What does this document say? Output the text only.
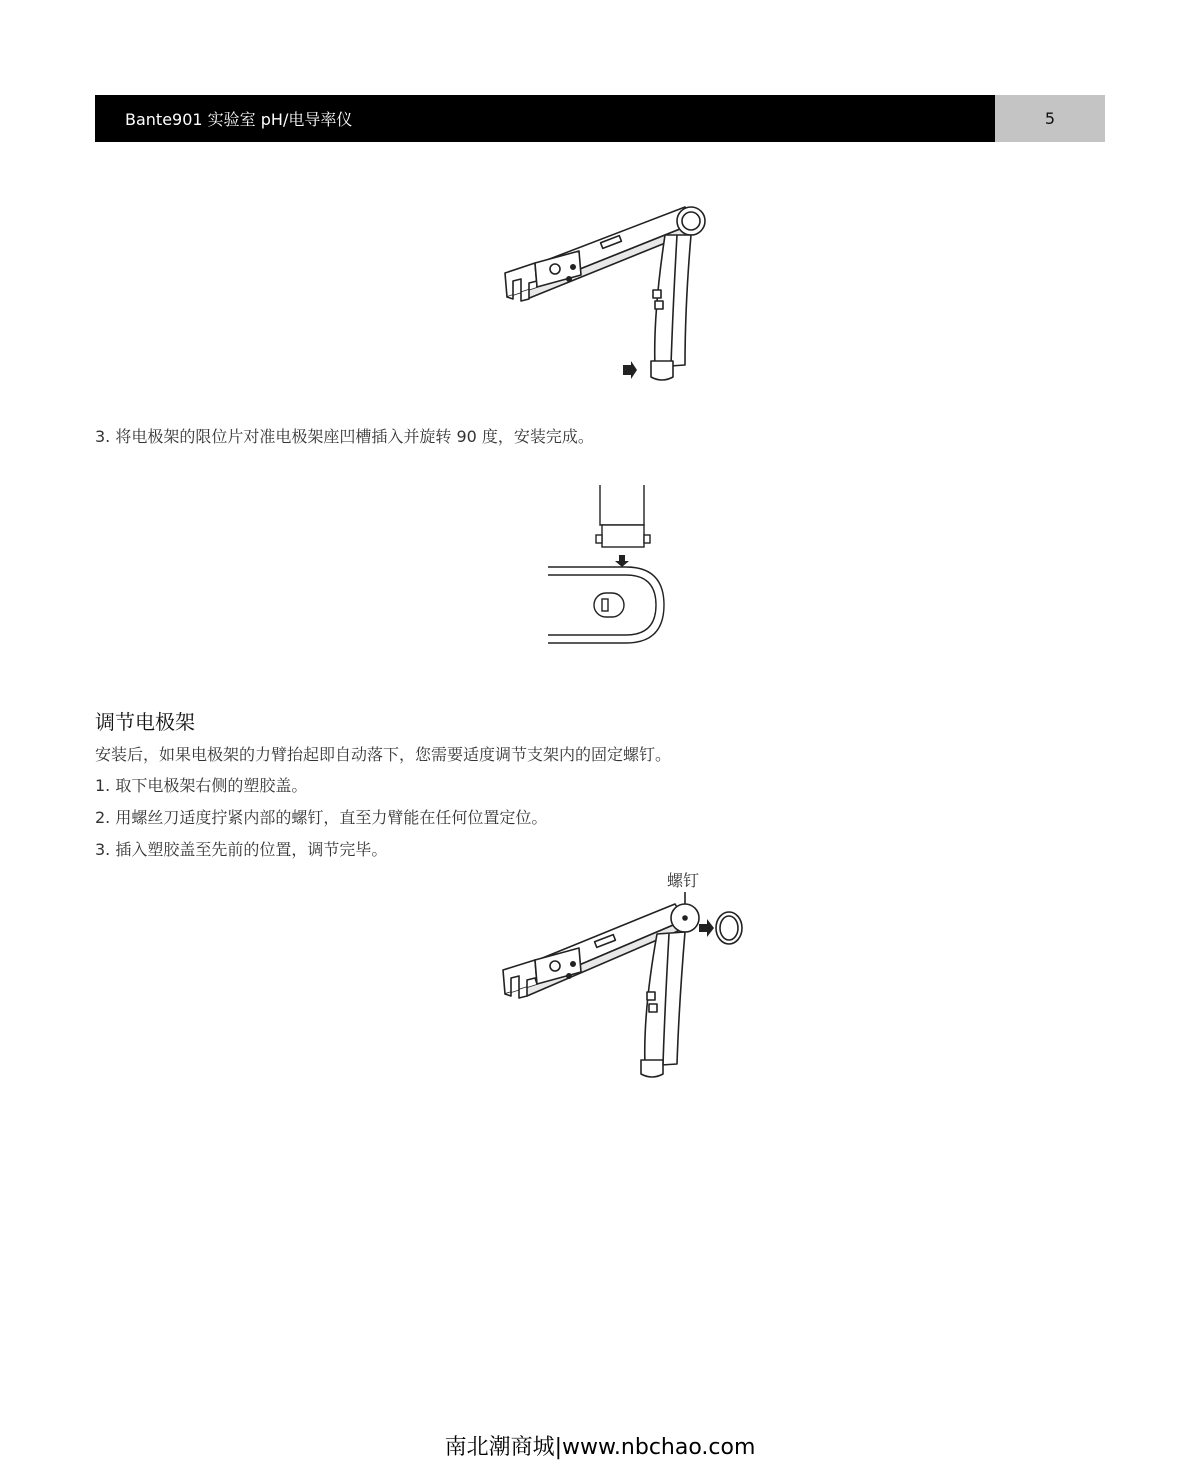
Bante901 实验室 pH/电导率仪	5
3. 将电极架的限位片对准电极架座凹槽插入并旋转 90 度，安装完成。
调节电极架
安装后，如果电极架的力臂抬起即自动落下，您需要适度调节支架内的固定螺钉。
1. 取下电极架右侧的塑胶盖。
2. 用螺丝刀适度拧紧内部的螺钉，直至力臂能在任何位置定位。
3. 插入塑胶盖至先前的位置，调节完毕。
螺钉
南北潮商城|www.nbchao.com
